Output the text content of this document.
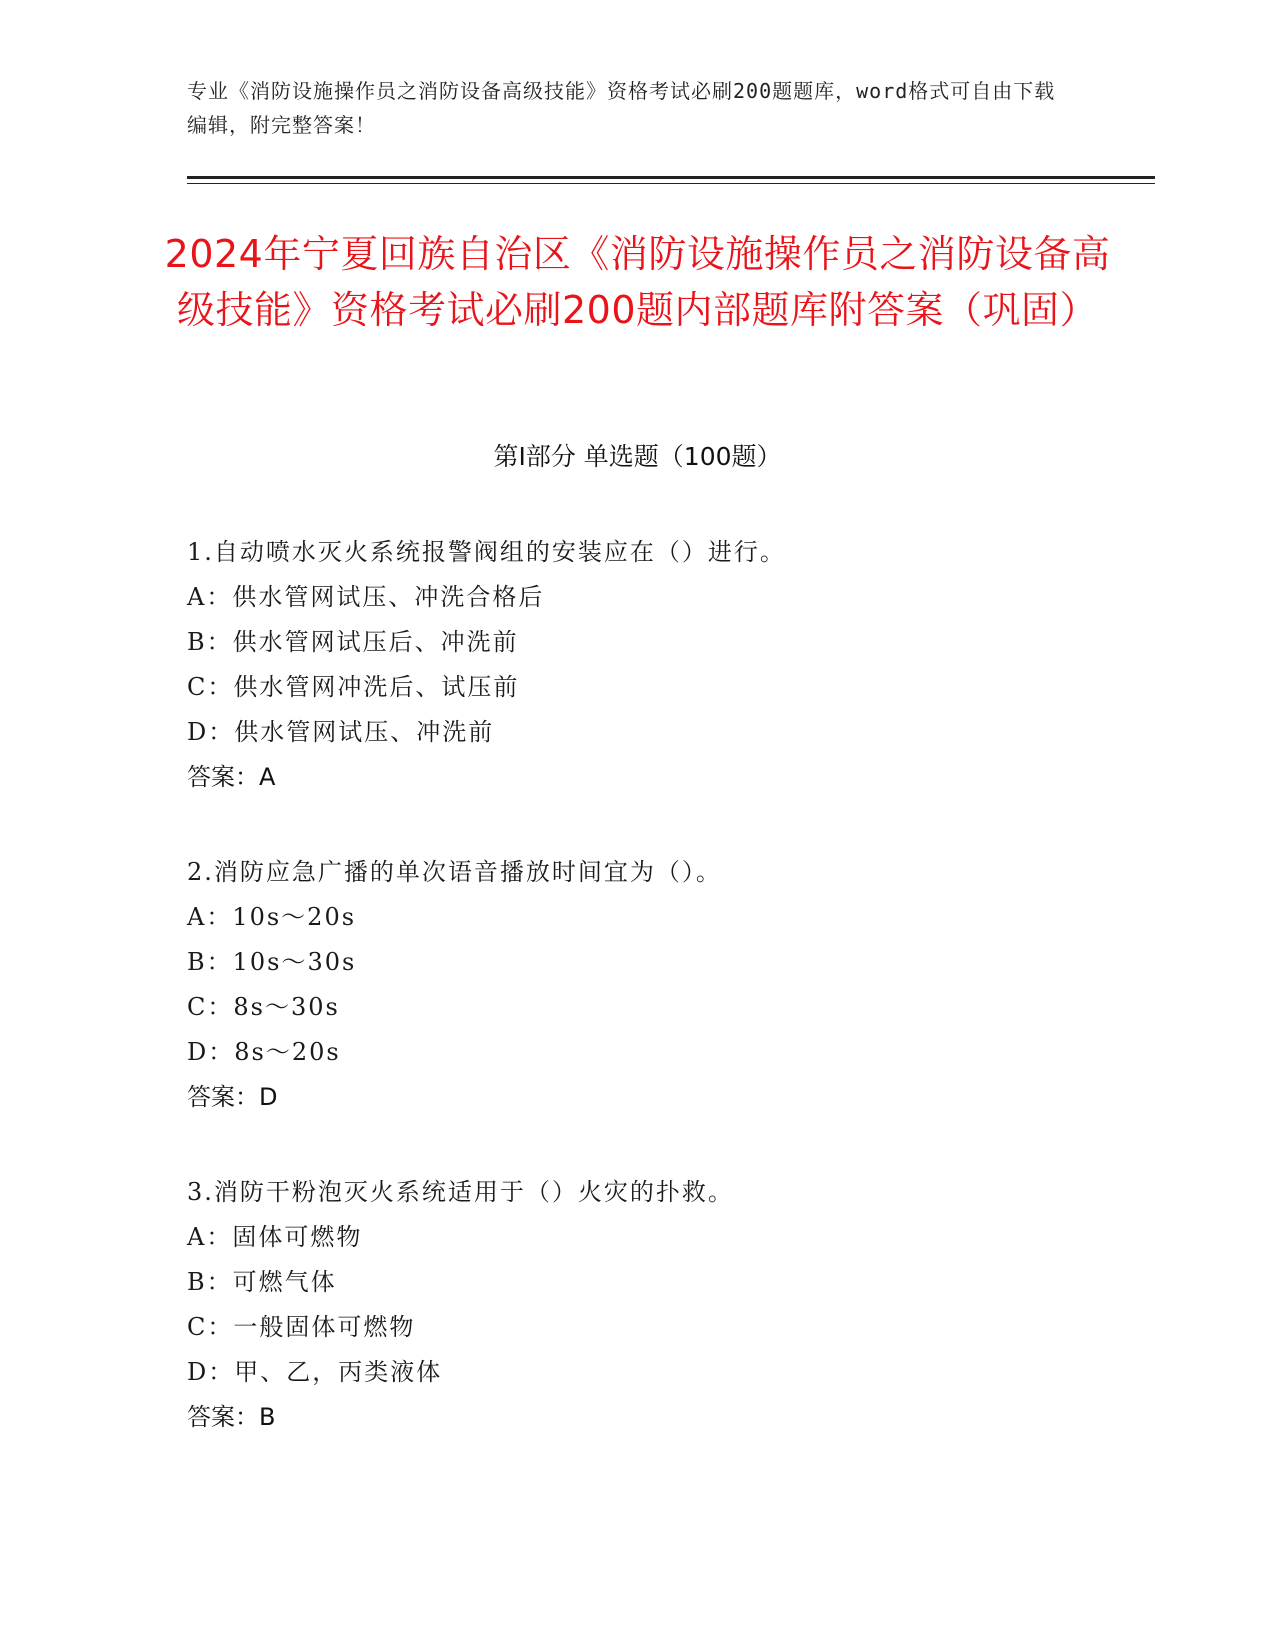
专业《消防设施操作员之消防设备高级技能》资格考试必刷200题题库，word格式可自由下载编辑，附完整答案！
2024年宁夏回族自治区《消防设施操作员之消防设备高级技能》资格考试必刷200题内部题库附答案（巩固）
第Ⅰ部分 单选题（100题）
1.自动喷水灭火系统报警阀组的安装应在（）进行。
A：供水管网试压、冲洗合格后
B：供水管网试压后、冲洗前
C：供水管网冲洗后、试压前
D：供水管网试压、冲洗前
答案：A
2.消防应急广播的单次语音播放时间宜为（）。
A：10s～20s
B：10s～30s
C：8s～30s
D：8s～20s
答案：D
3.消防干粉泡灭火系统适用于（）火灾的扑救。
A：固体可燃物
B：可燃气体
C：一般固体可燃物
D：甲、乙，丙类液体
答案：B
